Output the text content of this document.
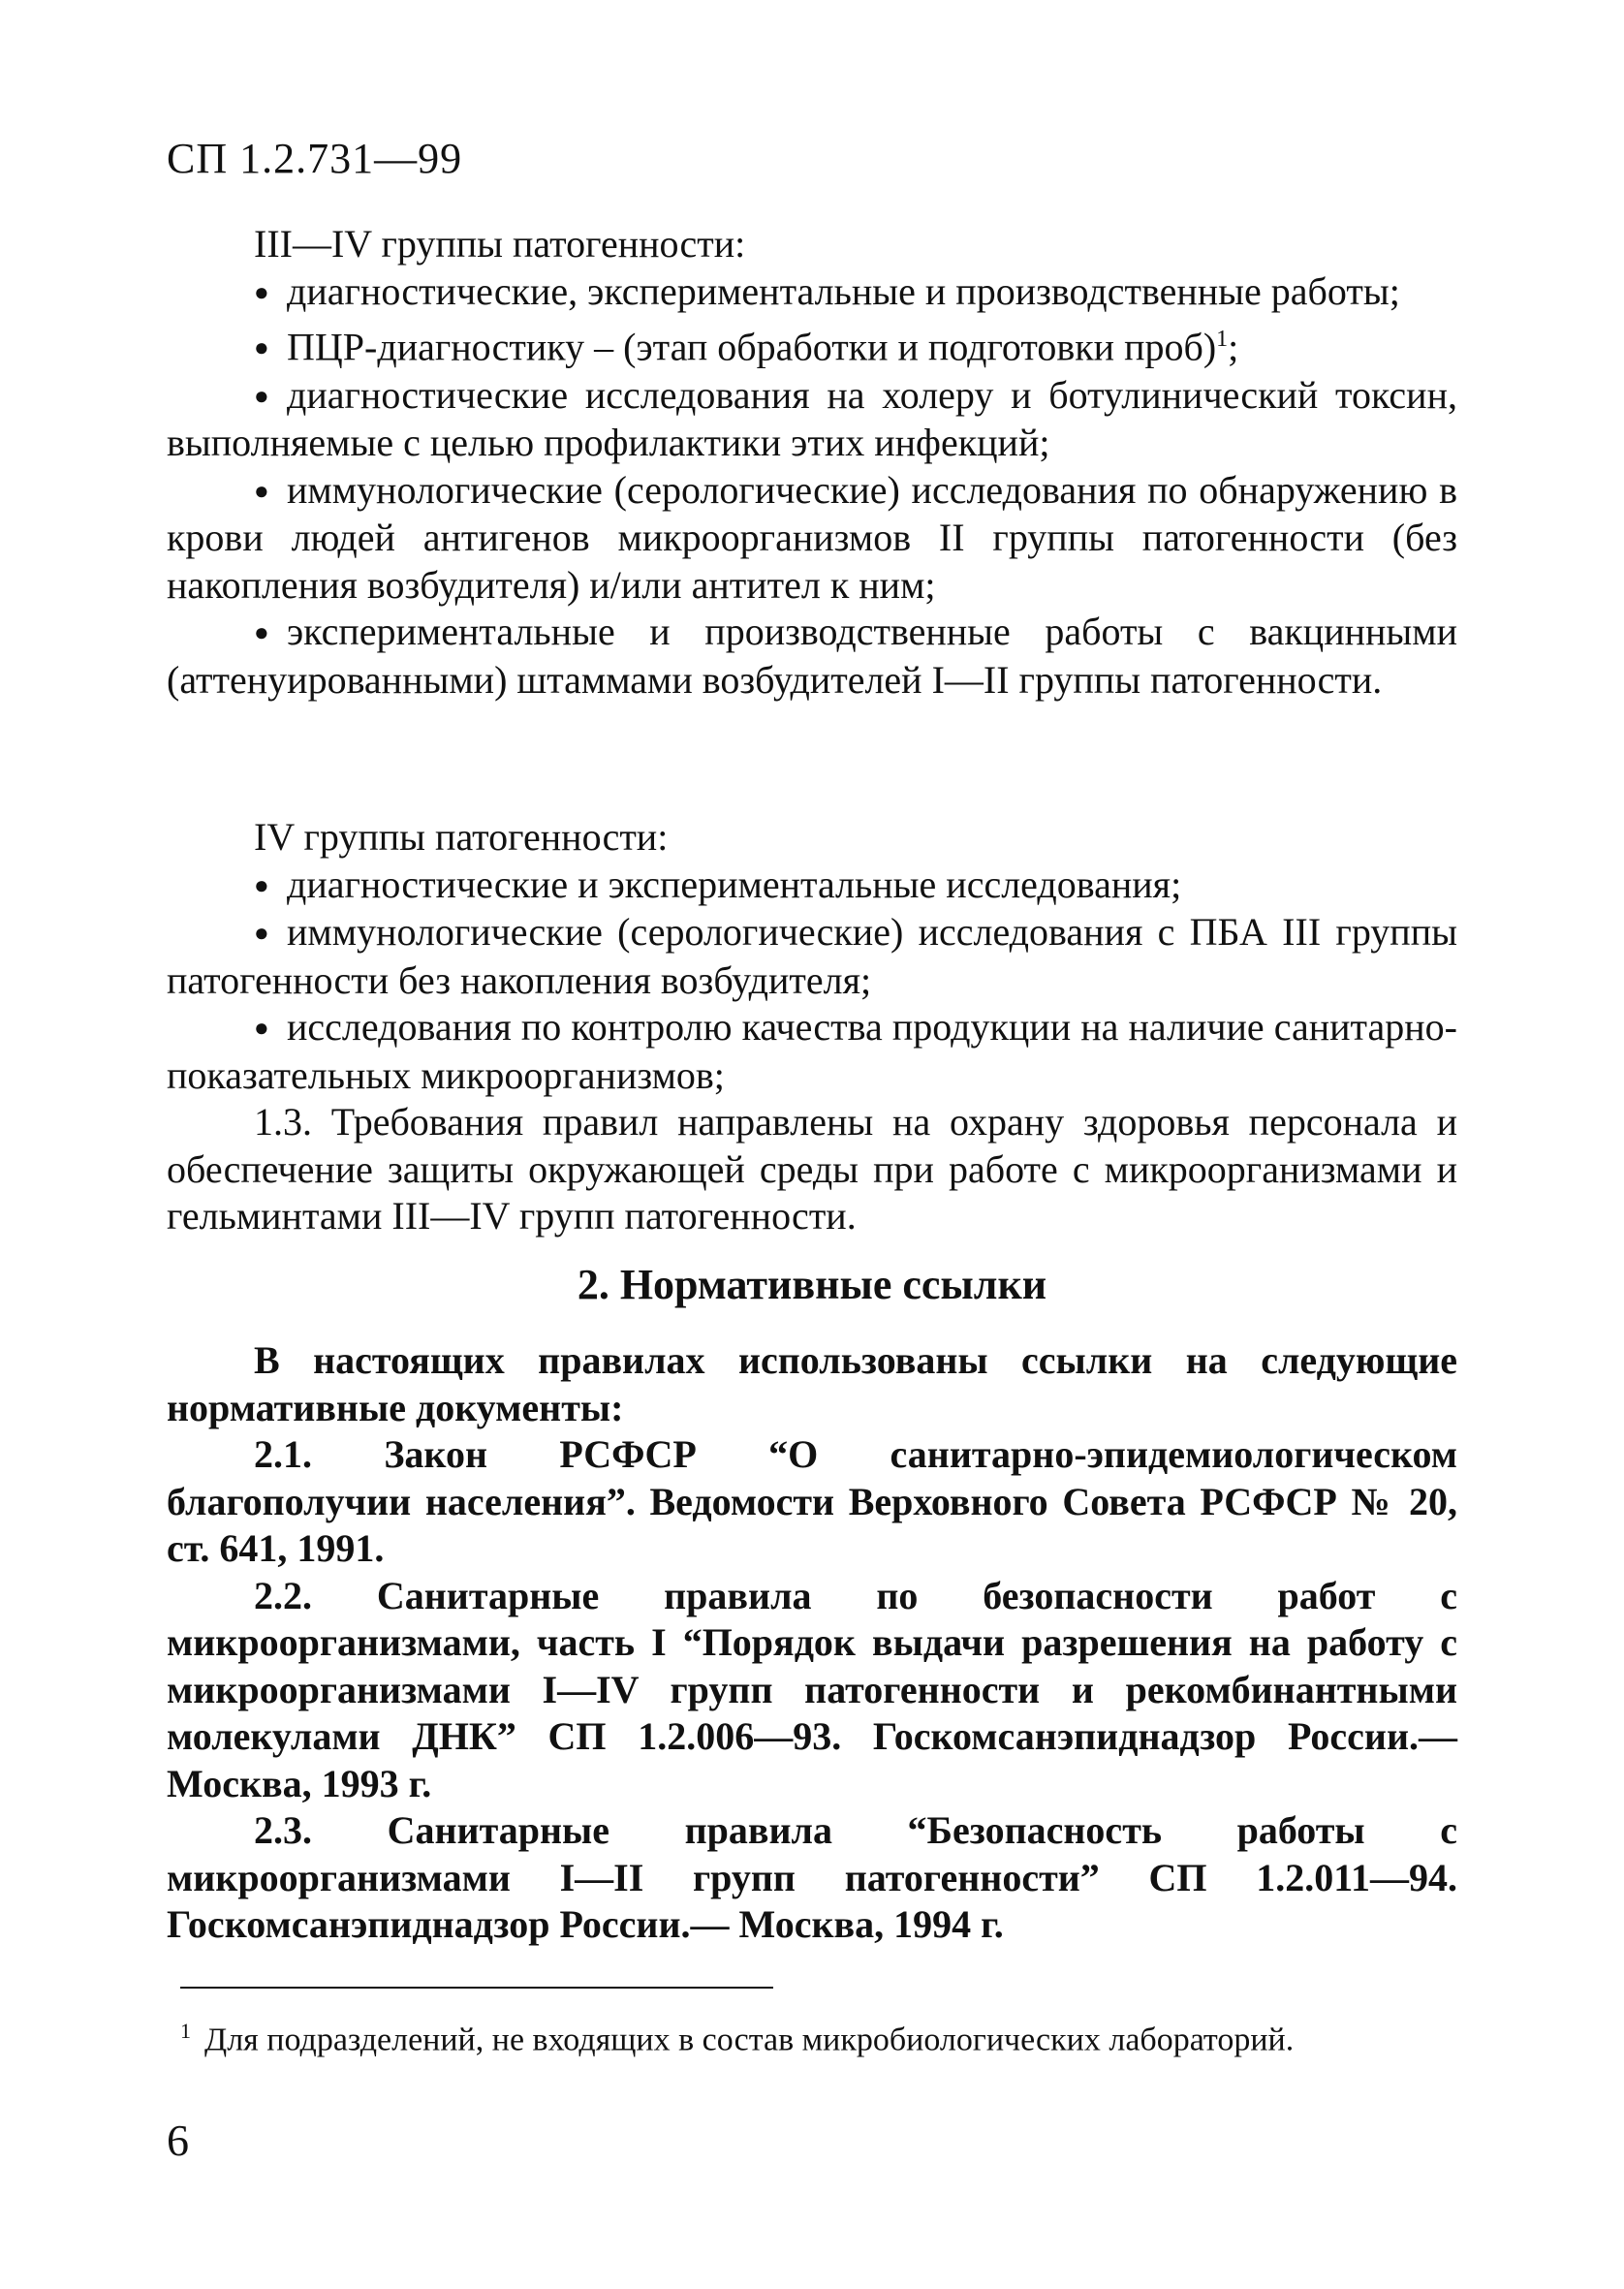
СП 1.2.731—99

III—IV группы патогенности:

● диагностические, экспериментальные и производственные работы;

● ПЦР-диагностику – (этап обработки и подготовки проб)$^1$;

● диагностические исследования на холеру и ботулинический токсин, выполняемые с целью профилактики этих инфекций;

● иммунологические (серологические) исследования по обнаружению в крови людей антигенов микроорганизмов II группы патогенности (без накопления возбудителя) и/или антител к ним;

● экспериментальные и производственные работы с вакцинными (аттенуированными) штаммами возбудителей I—II группы патогенности.

IV группы патогенности:

● диагностические и экспериментальные исследования;

● иммунологические (серологические) исследования с ПБА III группы патогенности без накопления возбудителя;

● исследования по контролю качества продукции на наличие санитарно-показательных микроорганизмов;

1.3. Требования правил направлены на охрану здоровья персонала и обеспечение защиты окружающей среды при работе с микроорганизмами и гельминтами III—IV групп патогенности.

2. Нормативные ссылки

В настоящих правилах использованы ссылки на следующие нормативные документы:

2.1. Закон РСФСР “О санитарно-эпидемиологическом благополучии населения”. Ведомости Верховного Совета РСФСР № 20, ст. 641, 1991.

2.2. Санитарные правила по безопасности работ с микроорганизмами, часть I “Порядок выдачи разрешения на работу с микроорганизмами I—IV групп патогенности и рекомбинантными молекулами ДНК” СП 1.2.006—93. Госкомсанэпиднадзор России.— Москва, 1993 г.

2.3. Санитарные правила “Безопасность работы с микроорганизмами I—II групп патогенности” СП 1.2.011—94. Госкомсанэпиднадзор России.— Москва, 1994 г.

$^1$ Для подразделений, не входящих в состав микробиологических лабораторий.
6
